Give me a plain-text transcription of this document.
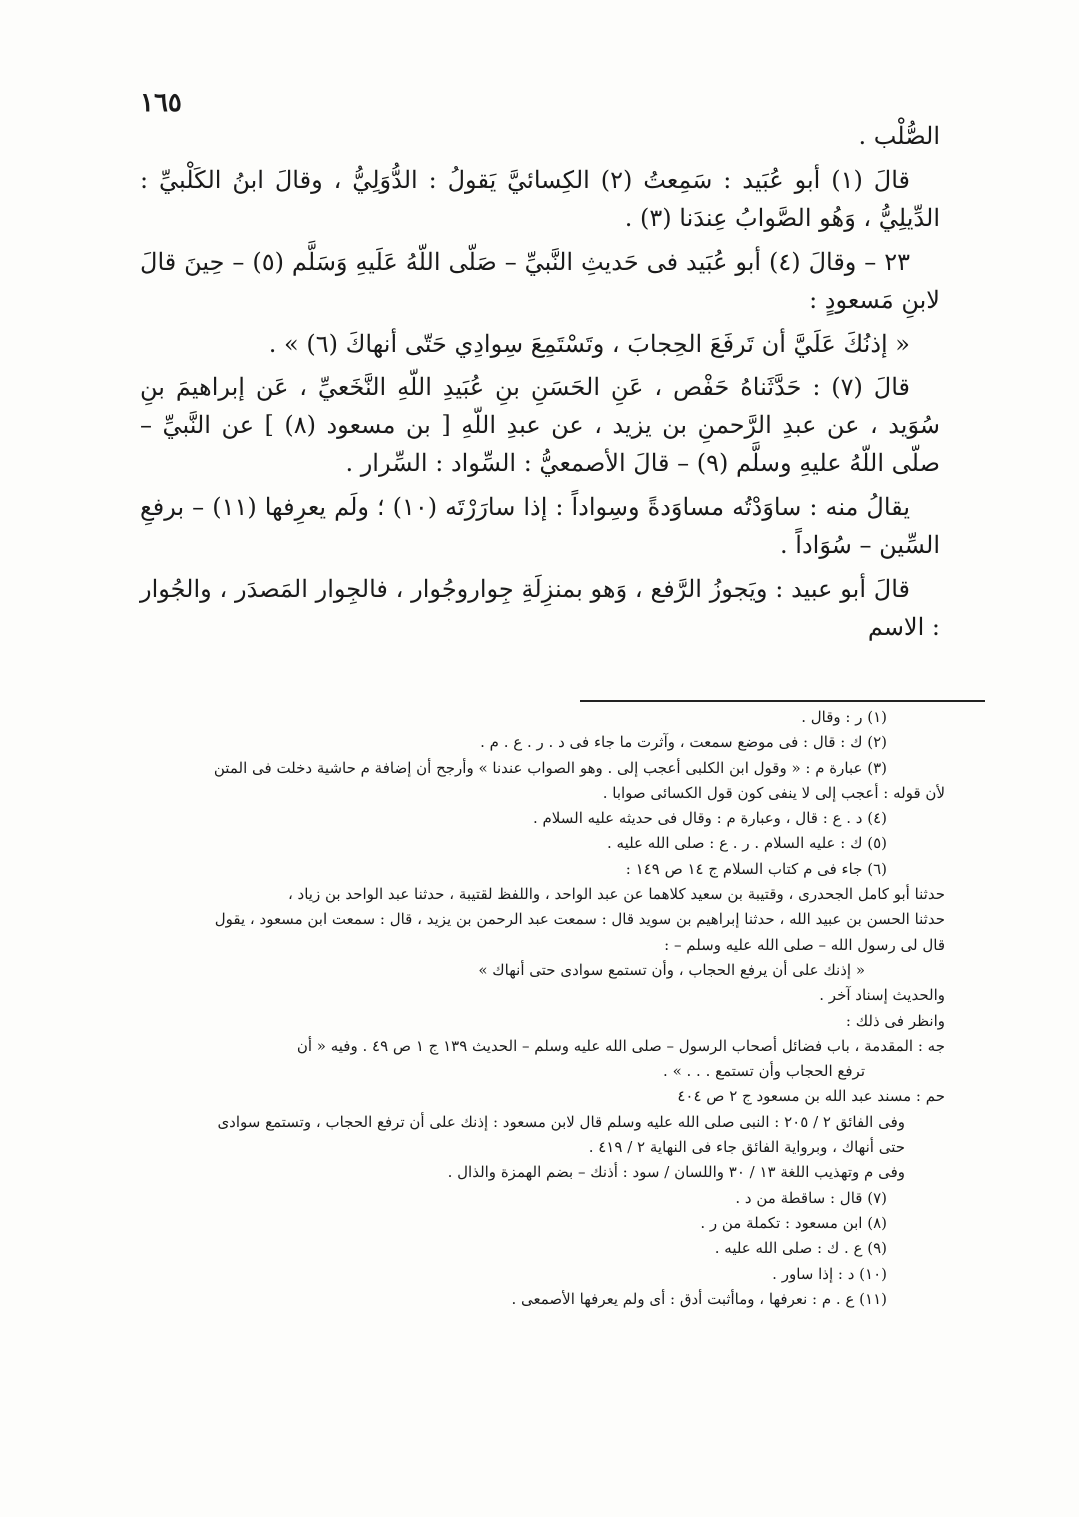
١٦٥

الصُّلْب .

قالَ (١) أبو عُبَيد : سَمِعتُ (٢) الكِسائيَّ يَقولُ : الدُّوَلِيُّ ، وقالَ ابنُ الكَلْبيِّ : الدِّيلِيُّ ، وَهُو الصَّوابُ عِندَنا (٣) .

٢٣ – وقالَ (٤) أبو عُبَيد فى حَديثِ النَّبيِّ – صَلّى اللّهُ عَلَيهِ وَسَلَّم (٥) – حِينَ قالَ لابنِ مَسعودٍ :

« إذنُكَ عَلَيَّ أن تَرفَعَ الحِجابَ ، وتَسْتَمِعَ سِوادِي حَتّى أنهاكَ (٦) » .

قالَ (٧) : حَدَّثَناهُ حَفْص ، عَنِ الحَسَنِ بنِ عُبَيدِ اللّهِ النَّخَعيِّ ، عَن إبراهيمَ بنِ سُوَيد ، عن عبدِ الرَّحمنِ بن يزيد ، عن عبدِ اللّهِ [ بن مسعود (٨) ] عن النَّبيِّ – صلّى اللّهُ عليهِ وسلَّم (٩) – قالَ الأصمعيُّ : السِّواد : السِّرار .

يقالُ منه : ساوَدْتُه مساوَدةً وسِواداً : إذا سارَرْتَه (١٠) ؛ ولَم يعرِفها (١١) – برفعِ السِّين – سُوَاداً .

قالَ أبو عبيد : ويَجوزُ الرَّفع ، وَهو بمنزِلَةِ جِواروجُوار ، فالجِوار المَصدَر ، والجُوار : الاسم

(١) ر : وقال .

(٢) ك : قال : فى موضع سمعت ، وآثرت ما جاء فى د . ر . ع . م .

(٣) عبارة م : « وقول ابن الكلبى أعجب إلى . وهو الصواب عندنا » وأرجح أن إضافة م حاشية دخلت فى المتن

لأن قوله : أعجب إلى لا ينفى كون قول الكسائى صوابا .

(٤) د . ع : قال ، وعبارة م : وقال فى حديثه عليه السلام .

(٥) ك : عليه السلام . ر . ع : صلى الله عليه .

(٦) جاء فى م كتاب السلام ج ١٤ ص ١٤٩ :

حدثنا أبو كامل الجحدرى ، وقتيبة بن سعيد كلاهما عن عبد الواحد ، واللفظ لقتيبة ، حدثنا عبد الواحد بن زياد ،

حدثنا الحسن بن عبيد الله ، حدثنا إبراهيم بن سويد قال : سمعت عبد الرحمن بن يزيد ، قال : سمعت ابن مسعود ، يقول

قال لى رسول الله – صلى الله عليه وسلم – :

« إذنك على أن يرفع الحجاب ، وأن تستمع سوادى حتى أنهاك »

والحديث إسناد آخر .

وانظر فى ذلك :

جه : المقدمة ، باب فضائل أصحاب الرسول – صلى الله عليه وسلم – الحديث ١٣٩ ج ١ ص ٤٩ . وفيه « أن

ترفع الحجاب وأن تستمع . . . » .

حم : مسند عبد الله بن مسعود ج ٢ ص ٤٠٤

وفى الفائق ٢ / ٢٠٥ : النبى صلى الله عليه وسلم قال لابن مسعود : إذنك على أن ترفع الحجاب ، وتستمع سوادى

حتى أنهاك ، وبرواية الفائق جاء فى النهاية ٢ / ٤١٩ .

وفى م وتهذيب اللغة ١٣ / ٣٠ واللسان / سود : أذنك – بضم الهمزة والذال .

(٧) قال : ساقطة من د .

(٨) ابن مسعود : تكملة من ر .

(٩) ع . ك : صلى الله عليه .

(١٠) د : إذا ساور .

(١١) ع . م : نعرفها ، وماأثبت أدق : أى ولم يعرفها الأصمعى .
